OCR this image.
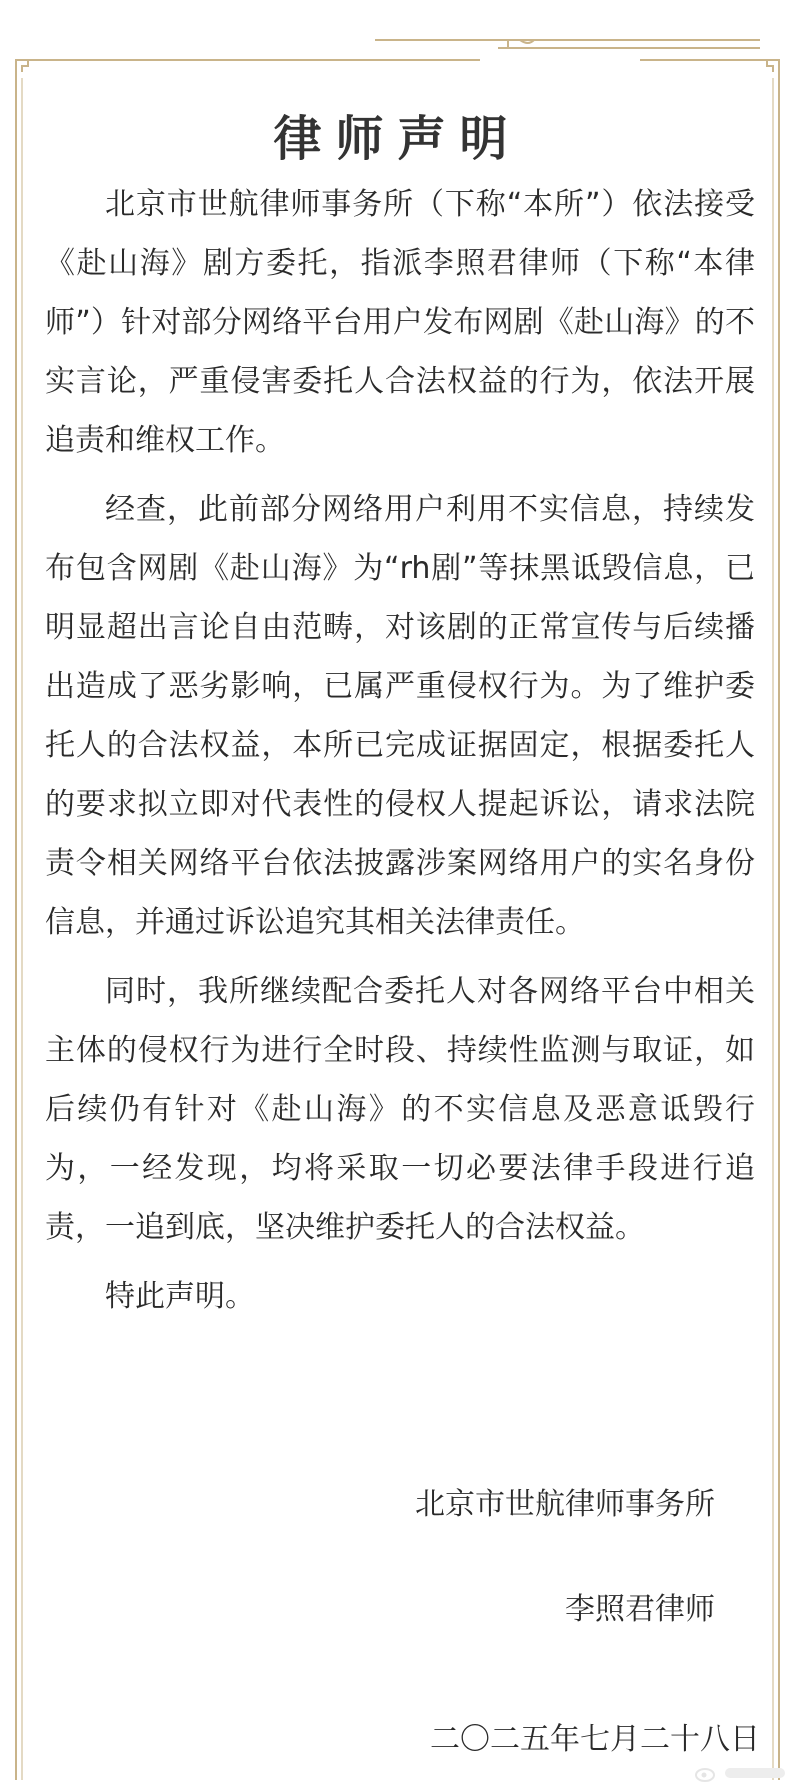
律师声明

北京市世航律师事务所（下称“本所”）依法接受《赴山海》剧方委托，指派李照君律师（下称“本律师”）针对部分网络平台用户发布网剧《赴山海》的不实言论，严重侵害委托人合法权益的行为，依法开展追责和维权工作。

经查，此前部分网络用户利用不实信息，持续发布包含网剧《赴山海》为“rh剧”等抹黑诋毁信息，已明显超出言论自由范畴，对该剧的正常宣传与后续播出造成了恶劣影响，已属严重侵权行为。为了维护委托人的合法权益，本所已完成证据固定，根据委托人的要求拟立即对代表性的侵权人提起诉讼，请求法院责令相关网络平台依法披露涉案网络用户的实名身份信息，并通过诉讼追究其相关法律责任。

同时，我所继续配合委托人对各网络平台中相关主体的侵权行为进行全时段、持续性监测与取证，如后续仍有针对《赴山海》的不实信息及恶意诋毁行为，一经发现，均将采取一切必要法律手段进行追责，一追到底，坚决维护委托人的合法权益。

特此声明。

北京市世航律师事务所
李照君律师
二〇二五年七月二十八日
